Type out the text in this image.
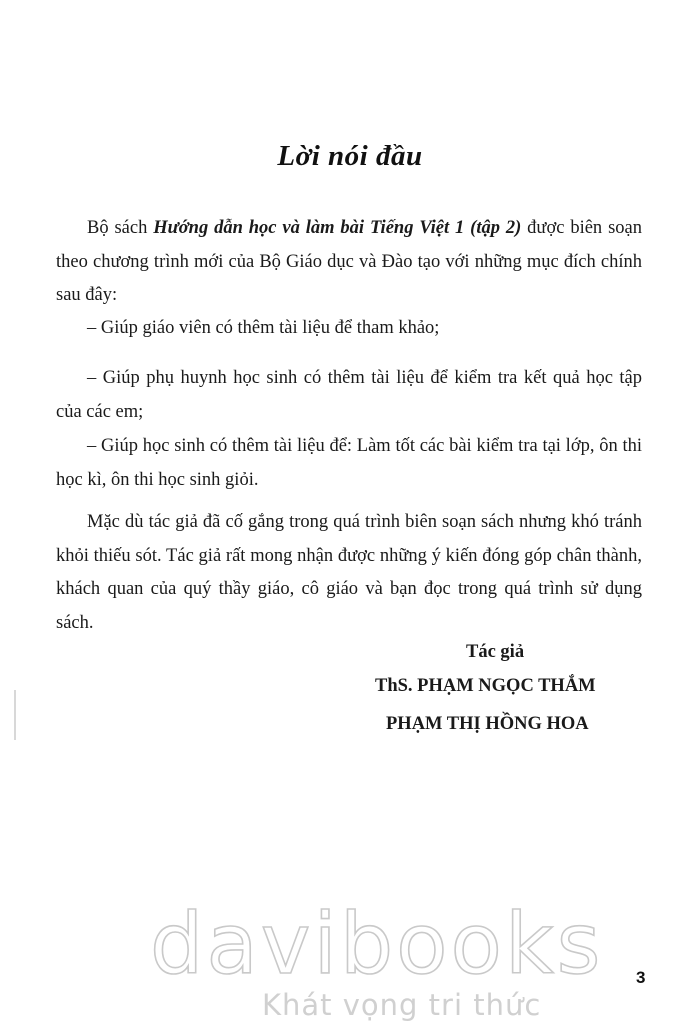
Lời nói đầu

Bộ sách Hướng dẫn học và làm bài Tiếng Việt 1 (tập 2) được biên soạn theo chương trình mới của Bộ Giáo dục và Đào tạo với những mục đích chính sau đây:

– Giúp giáo viên có thêm tài liệu để tham khảo;

– Giúp phụ huynh học sinh có thêm tài liệu để kiểm tra kết quả học tập của các em;

– Giúp học sinh có thêm tài liệu để: Làm tốt các bài kiểm tra tại lớp, ôn thi học kì, ôn thi học sinh giỏi.

Mặc dù tác giả đã cố gắng trong quá trình biên soạn sách nhưng khó tránh khỏi thiếu sót. Tác giả rất mong nhận được những ý kiến đóng góp chân thành, khách quan của quý thầy giáo, cô giáo và bạn đọc trong quá trình sử dụng sách.

Tác giả
ThS. PHẠM NGỌC THẮM
PHẠM THỊ HỒNG HOA
davibooks
Khát vọng tri thức
3
